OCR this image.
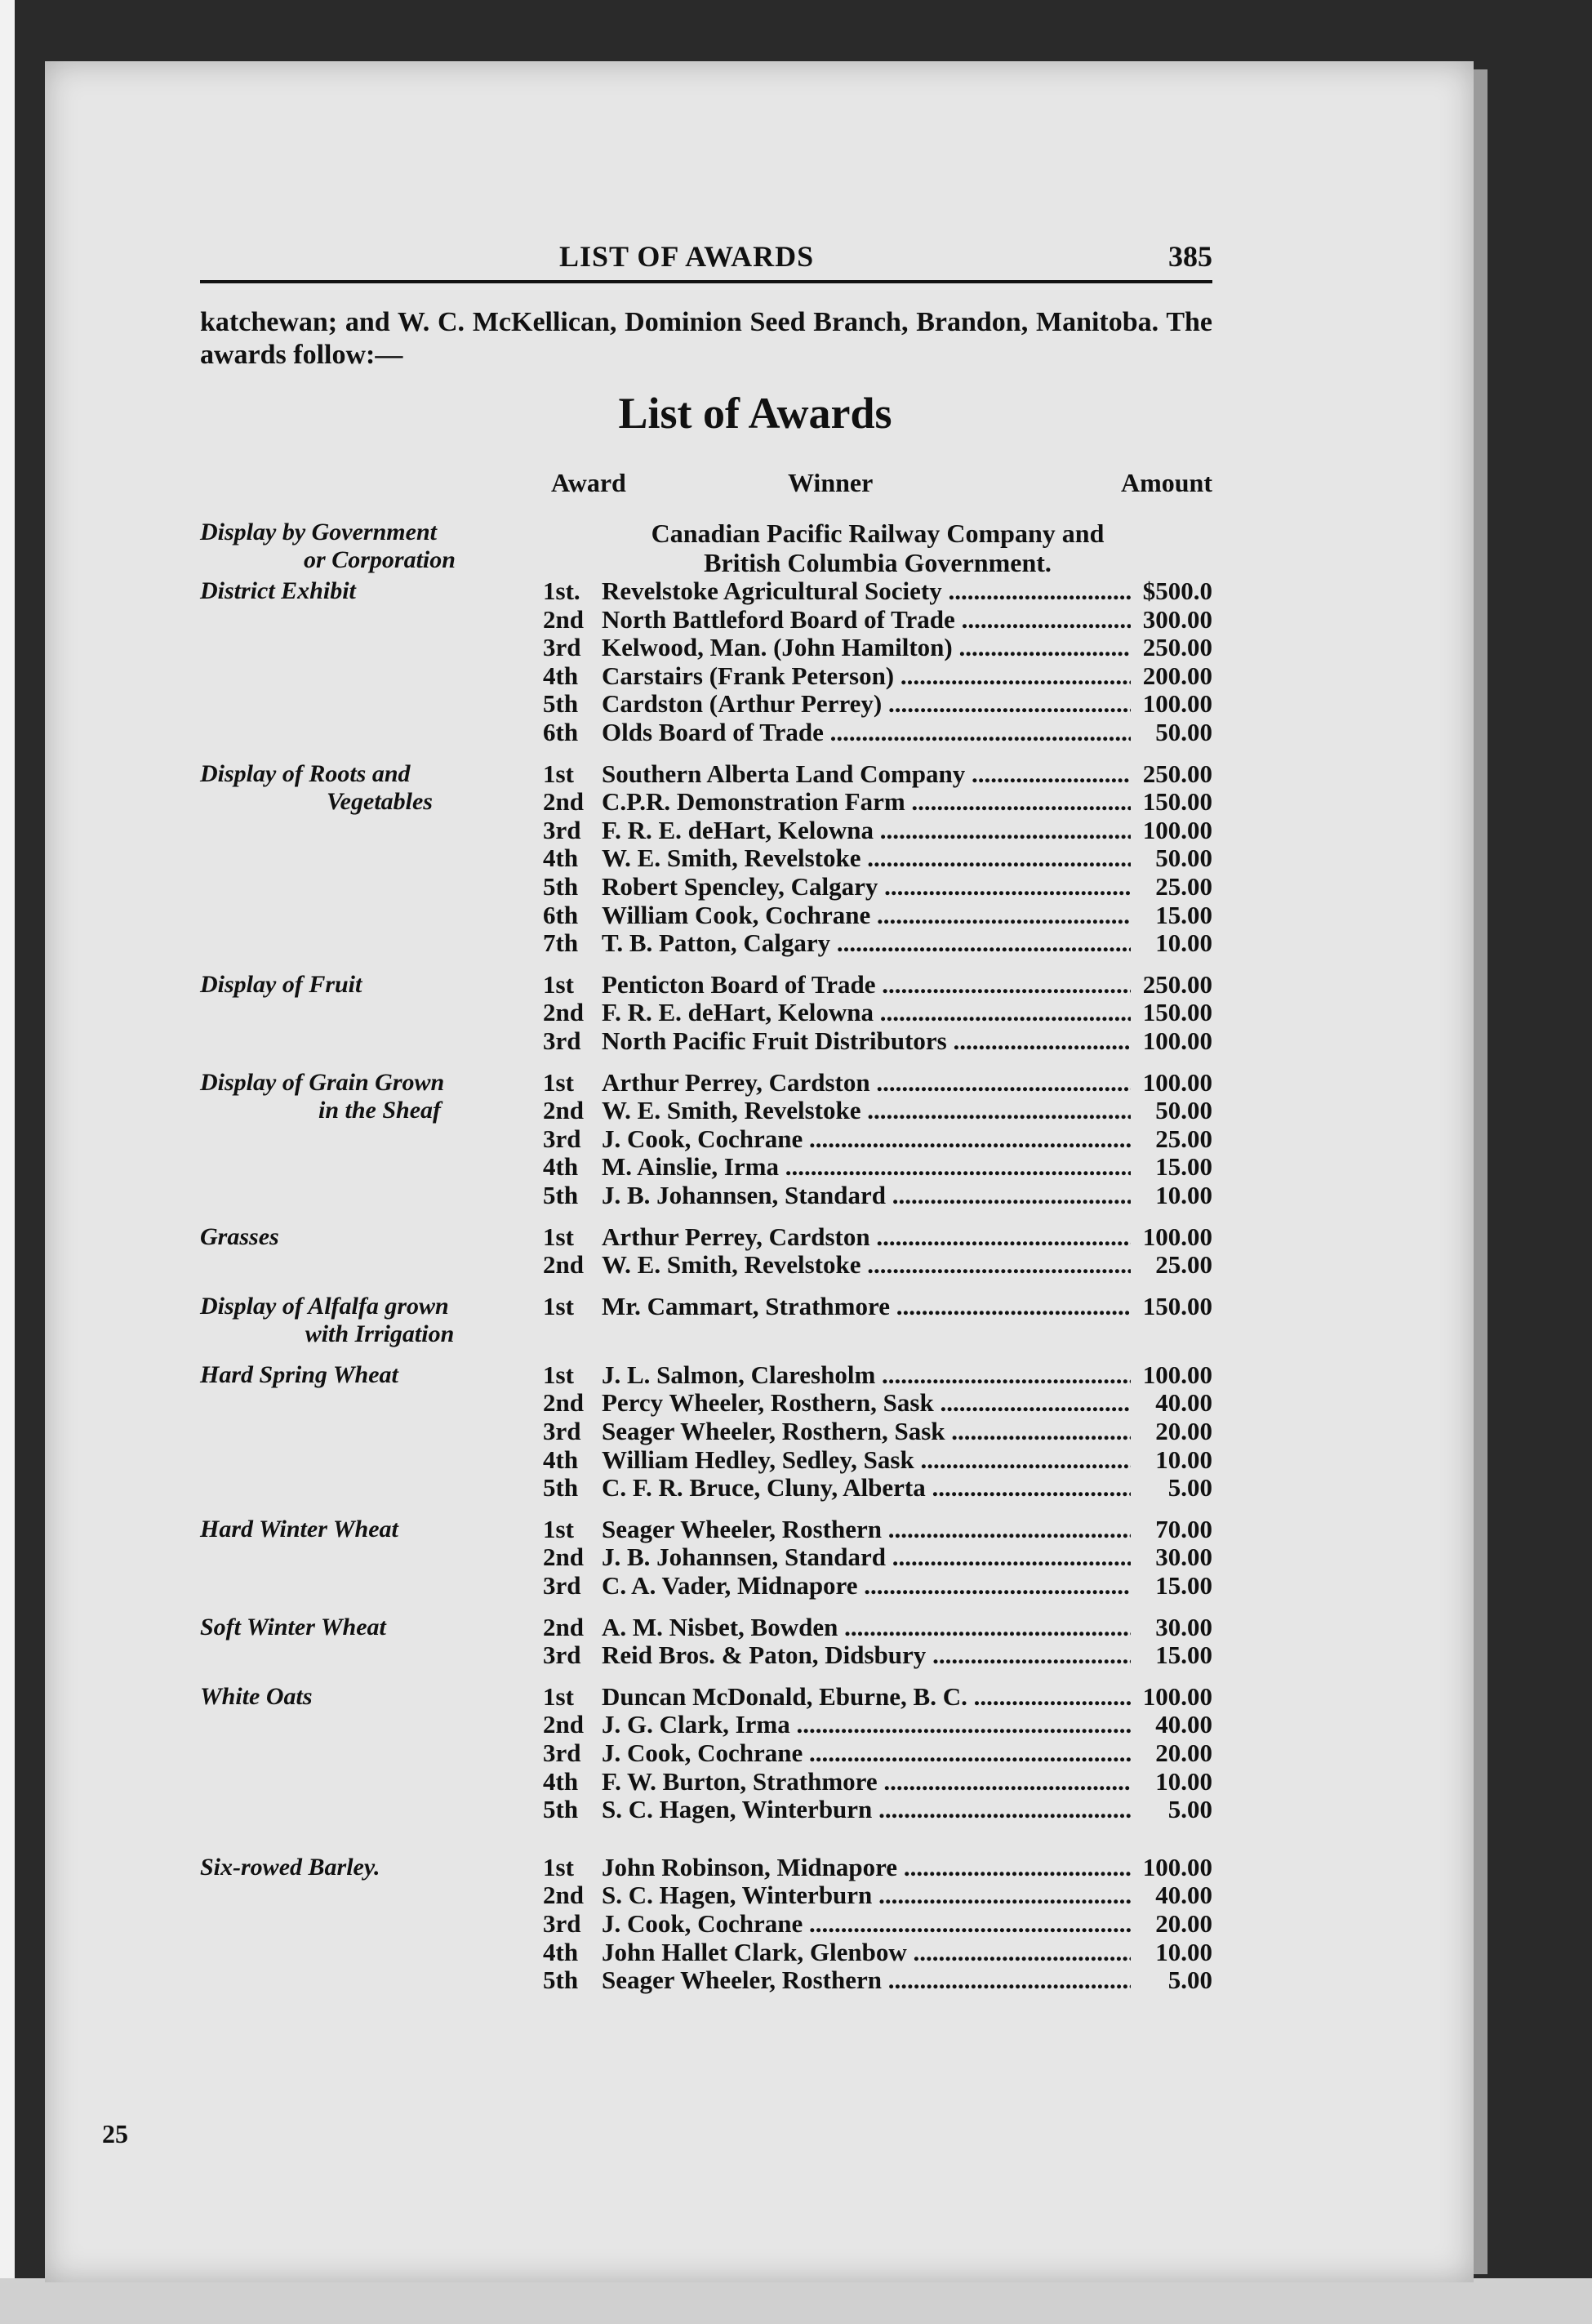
LIST OF AWARDS	385
katchewan; and W. C. McKellican, Dominion Seed Branch, Brandon, Manitoba. The awards follow:—
List of Awards
Award	Winner	Amount
Display by Government
or Corporation
Canadian Pacific Railway Company and
British Columbia Government.
District Exhibit	1st. Revelstoke Agricultural Society .....	$500.0
2nd North Battleford Board of Trade .....	300.00
3rd Kelwood, Man. (John Hamilton) .....	250.00
4th Carstairs (Frank Peterson) .....	200.00
5th Cardston (Arthur Perrey) .....	100.00
6th Olds Board of Trade .....	50.00
Display of Roots and
Vegetables
1st	Southern Alberta Land Company .....	250.00
2nd C.P.R. Demonstration Farm .....	150.00
3rd F. R. E. deHart, Kelowna .....	100.00
4th W. E. Smith, Revelstoke .....	50.00
5th Robert Spencley, Calgary .....	25.00
6th William Cook, Cochrane .....	15.00
7th T. B. Patton, Calgary .....	10.00
Display of Fruit	1st	Penticton Board of Trade .....	250.00
2nd F. R. E. deHart, Kelowna .....	150.00
3rd North Pacific Fruit Distributors .....	100.00
Display of Grain Grown
in the Sheaf
1st	Arthur Perrey, Cardston .....	100.00
2nd W. E. Smith, Revelstoke .....	50.00
3rd J. Cook, Cochrane .....	25.00
4th M. Ainslie, Irma .....	15.00
5th J. B. Johannsen, Standard .....	10.00
Grasses	1st	Arthur Perrey, Cardston .....	100.00
2nd W. E. Smith, Revelstoke .....	25.00
Display of Alfalfa grown
with Irrigation
1st	Mr. Cammart, Strathmore .....	150.00
Hard Spring Wheat	1st	J. L. Salmon, Claresholm .....	100.00
2nd Percy Wheeler, Rosthern, Sask .....	40.00
3rd Seager Wheeler, Rosthern, Sask .....	20.00
4th William Hedley, Sedley, Sask .....	10.00
5th C. F. R. Bruce, Cluny, Alberta .....	5.00
Hard Winter Wheat	1st	Seager Wheeler, Rosthern .....	70.00
2nd J. B. Johannsen, Standard .....	30.00
3rd C. A. Vader, Midnapore .....	15.00
Soft Winter Wheat	2nd A. M. Nisbet, Bowden .....	30.00
3rd Reid Bros. & Paton, Didsbury .....	15.00
White Oats	1st	Duncan McDonald, Eburne, B. C. .....	100.00
2nd J. G. Clark, Irma .....	40.00
3rd J. Cook, Cochrane .....	20.00
4th F. W. Burton, Strathmore .....	10.00
5th S. C. Hagen, Winterburn .....	5.00
Six-rowed Barley.	1st	John Robinson, Midnapore .....	100.00
2nd S. C. Hagen, Winterburn .....	40.00
3rd J. Cook, Cochrane .....	20.00
4th John Hallet Clark, Glenbow .....	10.00
5th Seager Wheeler, Rosthern .....	5.00
25
